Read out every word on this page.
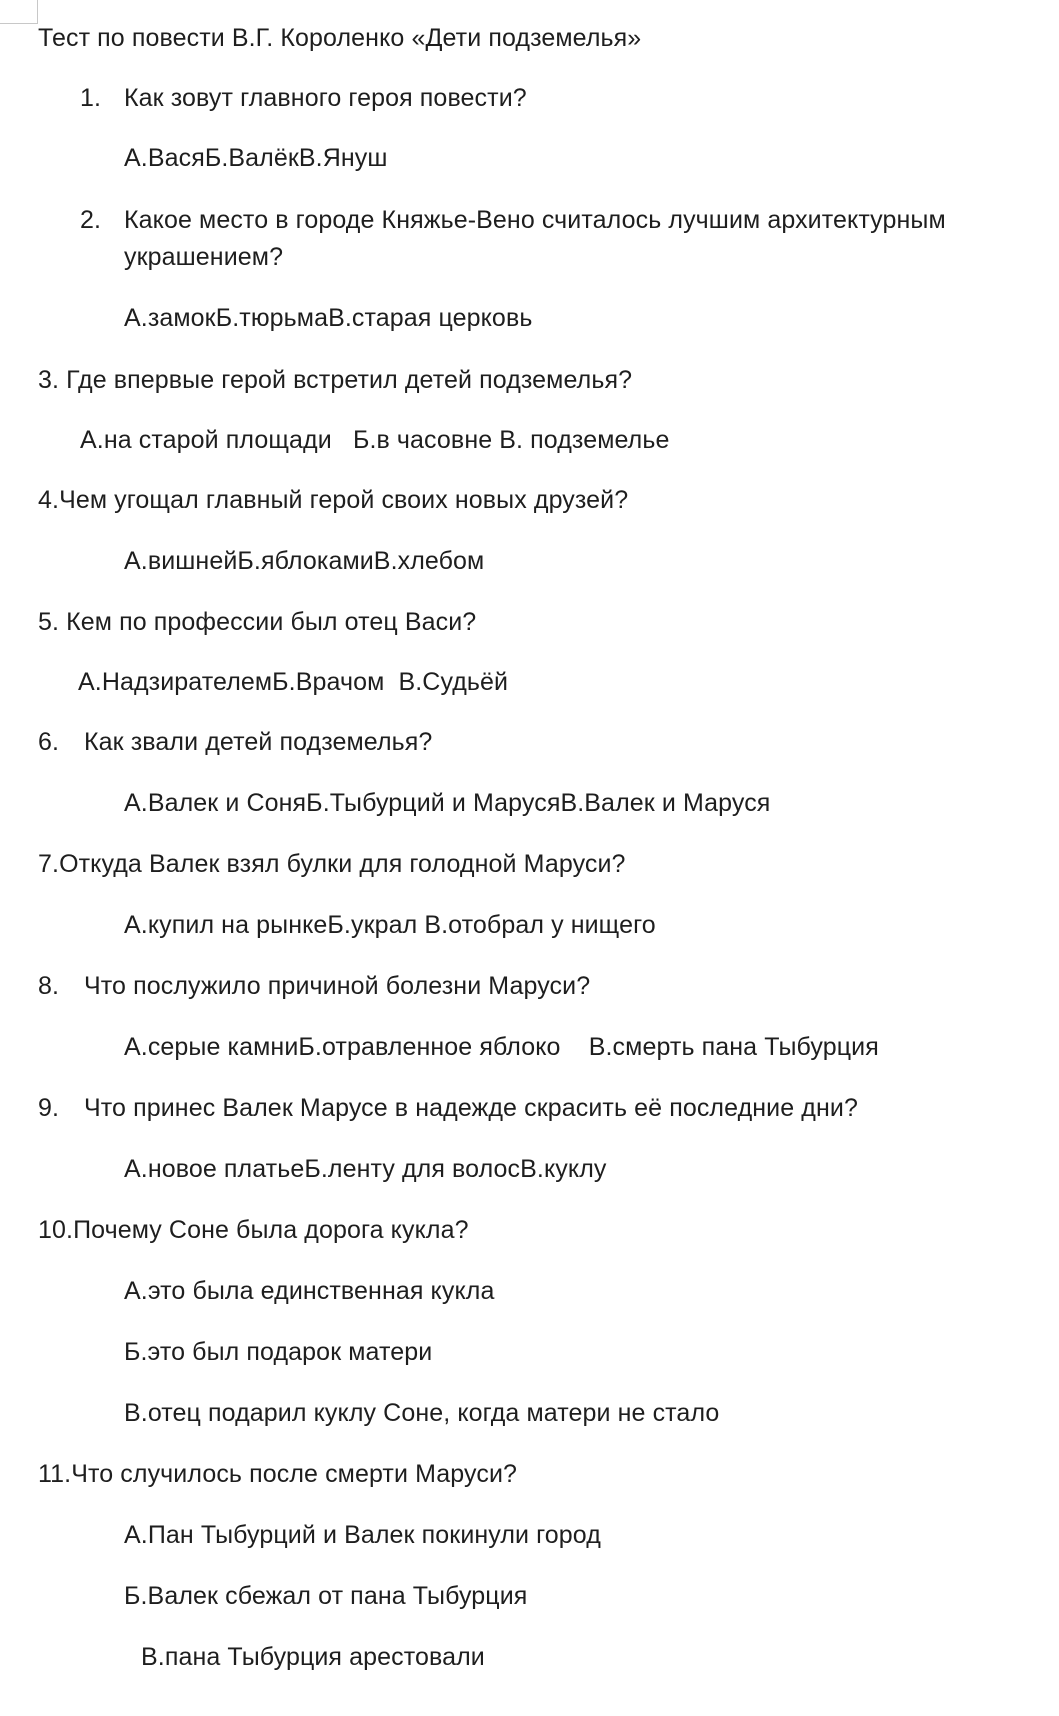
Тест по повести В.Г. Короленко «Дети подземелья»
1. Как зовут главного героя повести?
А.ВасяБ.ВалёкВ.Януш
2. Какое место в городе Княжье-Вено считалось лучшим архитектурным
украшением?
А.замокБ.тюрьмаВ.старая церковь
3. Где впервые герой встретил детей подземелья?
А.на старой площади   Б.в часовне В. подземелье
4.Чем угощал главный герой своих новых друзей?
А.вишнейБ.яблокамиВ.хлебом
5. Кем по профессии был отец Васи?
А.НадзирателемБ.Врачом  В.Судьёй
6. Как звали детей подземелья?
А.Валек и СоняБ.Тыбурций и МарусяВ.Валек и Маруся
7.Откуда Валек взял булки для голодной Маруси?
А.купил на рынкеБ.украл В.отобрал у нищего
8. Что послужило причиной болезни Маруси?
А.серые камниБ.отравленное яблоко    В.смерть пана Тыбурция
9. Что принес Валек Марусе в надежде скрасить её последние дни?
А.новое платьеБ.ленту для волосВ.куклу
10.Почему Соне была дорога кукла?
А.это была единственная кукла
Б.это был подарок матери
В.отец подарил куклу Соне, когда матери не стало
11.Что случилось после смерти Маруси?
А.Пан Тыбурций и Валек покинули город
Б.Валек сбежал от пана Тыбурция
В.пана Тыбурция арестовали
